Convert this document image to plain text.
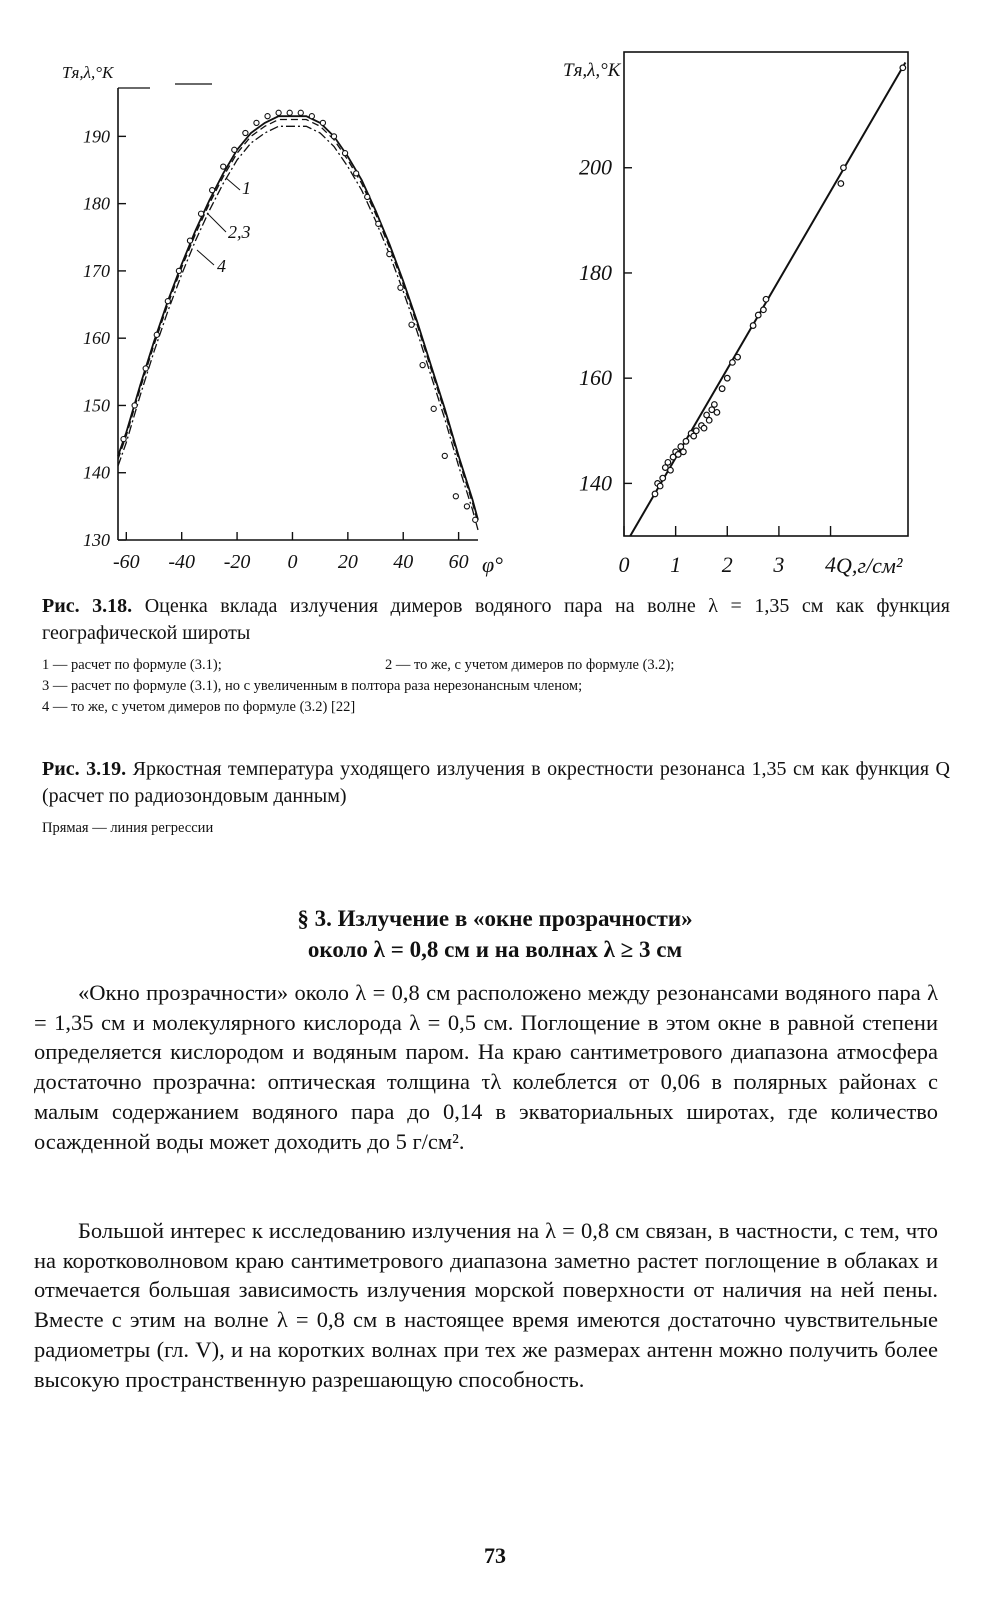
Tя,λ,°K
φ°
130
140
150
160
170
180
190
-60 -40 -20 0 20 40 60
1
2,3
4
Tя,λ,°K
Q,г/см²
140
160
180
200
0 1 2 3 4
Рис. 3.18. Оценка вклада излучения димеров водяного пара на волне λ = 1,35 см как функция географической широты
1 — расчет по формуле (3.1);	2 — то же, с учетом димеров по формуле (3.2);
3 — расчет по формуле (3.1), но с увеличенным в полтора раза нерезонансным членом;
4 — то же, с учетом димеров по формуле (3.2) [22]
Рис. 3.19. Яркостная температура уходящего излучения в окрестности резонанса 1,35 см как функция Q (расчет по радиозондовым данным)
Прямая — линия регрессии
§ 3. Излучение в «окне прозрачности»
около λ = 0,8 см и на волнах λ ≥ 3 см

«Окно прозрачности» около λ = 0,8 см расположено между резонансами водяного пара λ = 1,35 см и молекулярного кислорода λ = 0,5 см. Поглощение в этом окне в равной степени определяется кислородом и водяным паром. На краю сантиметрового диапазона атмосфера достаточно прозрачна: оптическая толщина τλ колеблется от 0,06 в полярных районах с малым содержанием водяного пара до 0,14 в экваториальных широтах, где количество осажденной воды может доходить до 5 г/см².

Большой интерес к исследованию излучения на λ = 0,8 см связан, в частности, с тем, что на коротковолновом краю сантиметрового диапазона заметно растет поглощение в облаках и отмечается большая зависимость излучения морской поверхности от наличия на ней пены. Вместе с этим на волне λ = 0,8 см в настоящее время имеются достаточно чувствительные радиометры (гл. V), и на коротких волнах при тех же размерах антенн можно получить более высокую пространственную разрешающую способность.

73
